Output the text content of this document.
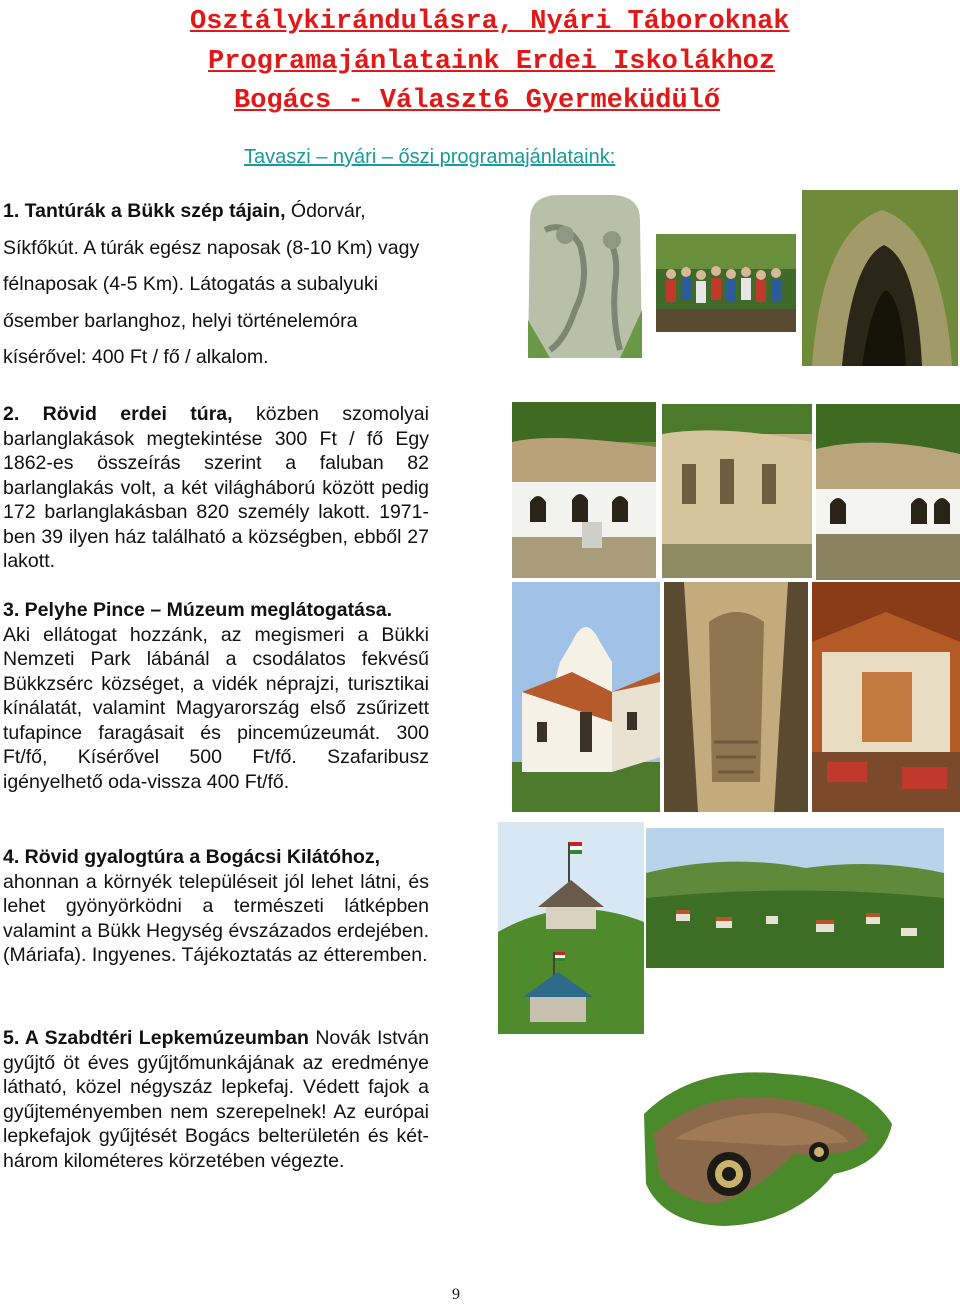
Osztálykirándulásra, Nyári Táboroknak
Programajánlataink Erdei Iskolákhoz
Bogács - Választ6 Gyermeküdülő
Tavaszi – nyári – őszi programajánlataink:
1. Tantúrák a Bükk szép tájain, Ódorvár, Síkfőkút. A túrák egész naposak (8-10 Km) vagy félnaposak (4-5 Km). Látogatás a subalyuki ősember barlanghoz, helyi történelemóra kísérővel: 400 Ft / fő / alkalom.
2. Rövid erdei túra, közben szomolyai barlanglakások megtekintése 300 Ft / fő Egy 1862-es összeírás szerint a faluban 82 barlanglakás volt, a két világháború között pedig 172 barlanglakásban 820 személy lakott. 1971-ben 39 ilyen ház található a községben, ebből 27 lakott.
3. Pelyhe Pince – Múzeum meglátogatása.
Aki ellátogat hozzánk, az megismeri a Bükki Nemzeti Park lábánál a csodálatos fekvésű Bükkzsérc községet, a vidék néprajzi, turisztikai kínálatát, valamint Magyarország első zsűrizett tufapince faragásait és pincemúzeumát. 300 Ft/fő, Kísérővel 500 Ft/fő. Szafaribusz igényelhető oda-vissza 400 Ft/fő.
4. Rövid gyalogtúra a Bogácsi Kilátóhoz,
ahonnan a környék településeit jól lehet látni, és lehet gyönyörködni a természeti látképben valamint a Bükk Hegység évszázados erdejében. (Máriafa). Ingyenes. Tájékoztatás az étteremben.
5. A Szabdtéri Lepkemúzeumban Novák István gyűjtő öt éves gyűjtőmunkájának az eredménye látható, közel négyszáz lepkefaj. Védett fajok a gyűjteményemben nem szerepelnek! Az európai lepkefajok gyűjtését Bogács belterületén és két-három kilométeres körzetében végezte.
9
